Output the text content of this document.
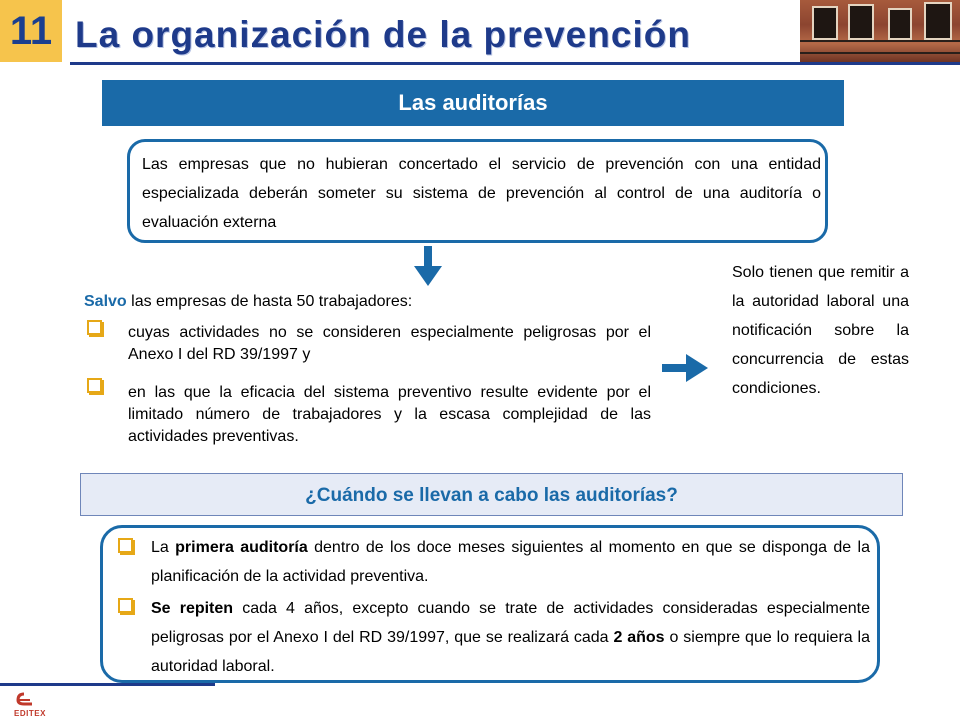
11 La organización de la prevención
Las auditorías
Las empresas que no hubieran concertado el servicio de prevención con una entidad especializada deberán someter su sistema de prevención al control de una auditoría o evaluación externa
Salvo las empresas de hasta 50 trabajadores:
cuyas actividades no se consideren especialmente peligrosas por el Anexo I del RD 39/1997 y
en las que la eficacia del sistema preventivo resulte evidente por el limitado número de trabajadores y la escasa complejidad de las actividades preventivas.
Solo tienen que remitir a la autoridad laboral una notificación sobre la concurrencia de estas condiciones.
¿Cuándo se llevan a cabo las auditorías?
La primera auditoría dentro de los doce meses siguientes al momento en que se disponga de la planificación de la actividad preventiva.
Se repiten cada 4 años, excepto cuando se trate de actividades consideradas especialmente peligrosas por el Anexo I del RD 39/1997, que se realizará cada 2 años o siempre que lo requiera la autoridad laboral.
EDITEX
